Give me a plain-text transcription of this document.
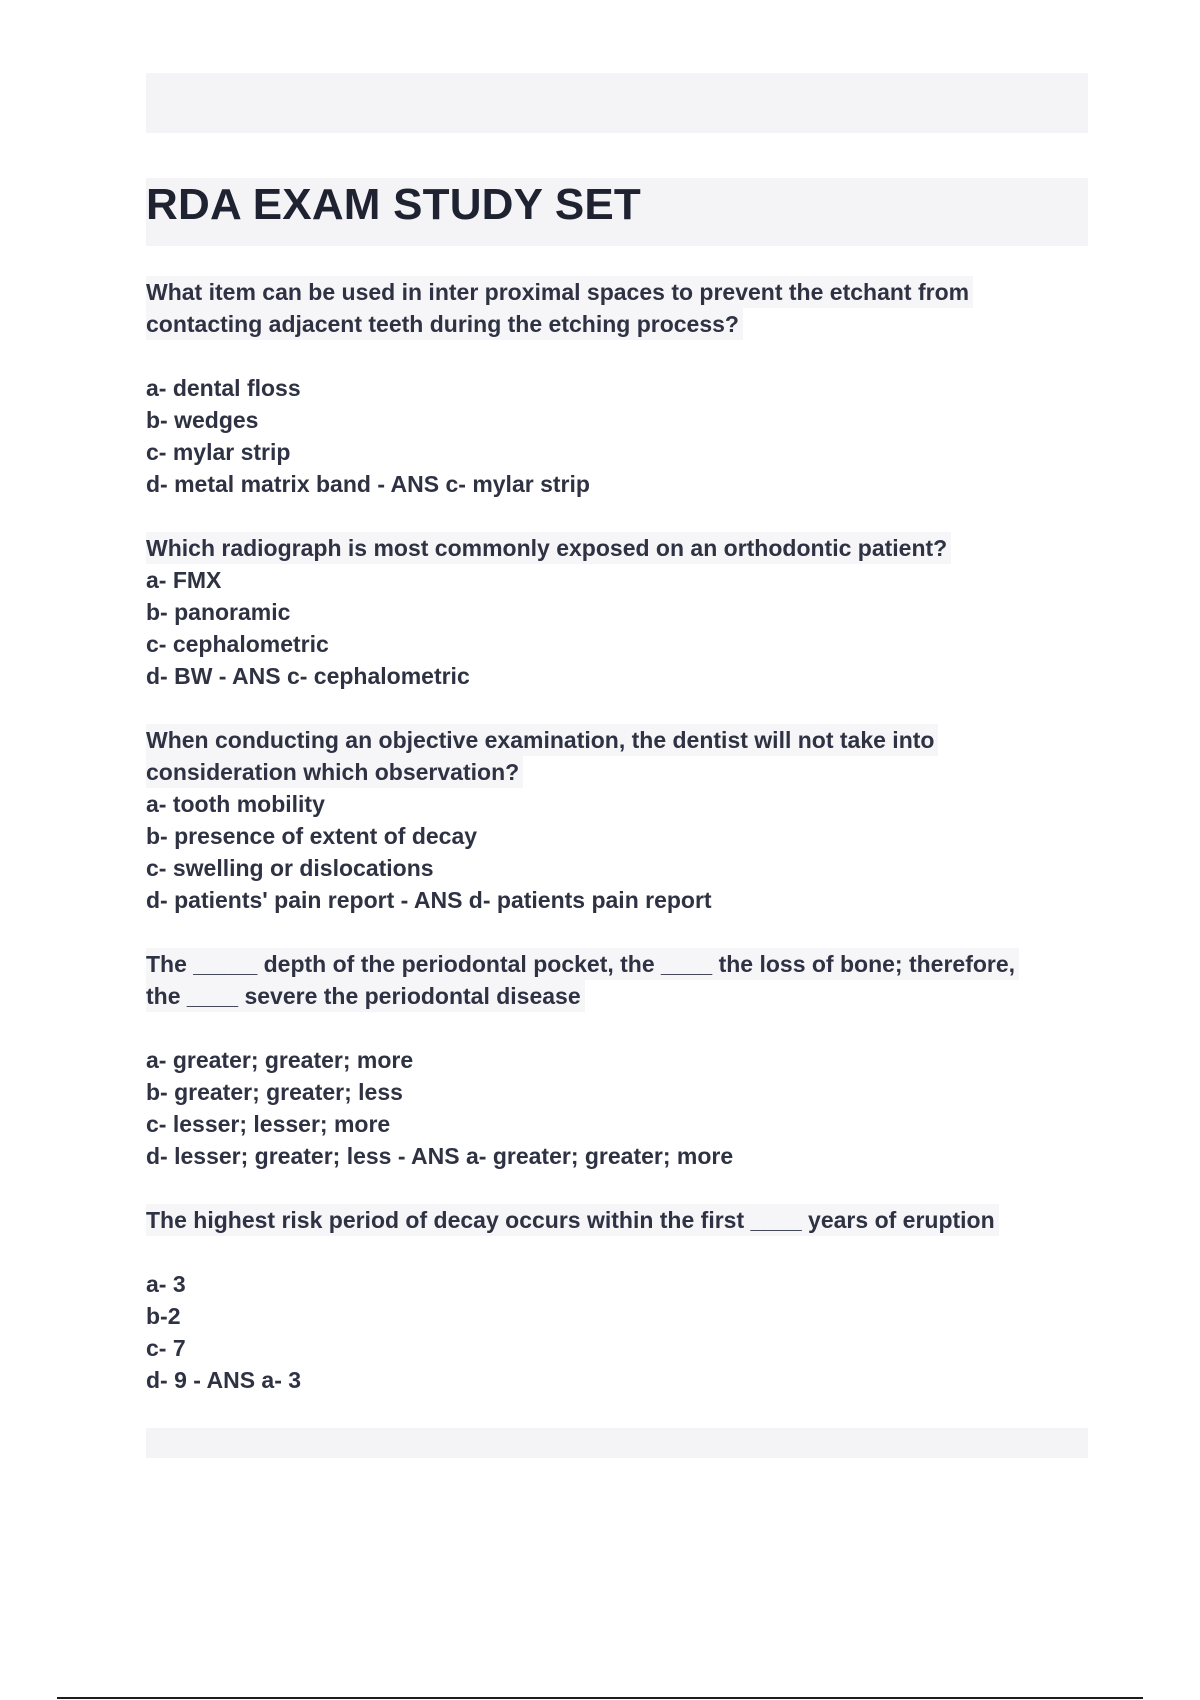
RDA EXAM STUDY SET
What item can be used in inter proximal spaces to prevent the etchant from
contacting adjacent teeth during the etching process?
a- dental floss
b- wedges
c- mylar strip
d- metal matrix band - ANS c- mylar strip
Which radiograph is most commonly exposed on an orthodontic patient?
a- FMX
b- panoramic
c- cephalometric
d- BW - ANS c- cephalometric
When conducting an objective examination, the dentist will not take into
consideration which observation?
a- tooth mobility
b- presence of extent of decay
c- swelling or dislocations
d- patients' pain report - ANS d- patients pain report
The _____ depth of the periodontal pocket, the ____ the loss of bone; therefore,
the ____ severe the periodontal disease
a- greater; greater; more
b- greater; greater; less
c- lesser; lesser; more
d- lesser; greater; less - ANS a- greater; greater; more
The highest risk period of decay occurs within the first ____ years of eruption
a- 3
b-2
c- 7
d- 9 - ANS a- 3
